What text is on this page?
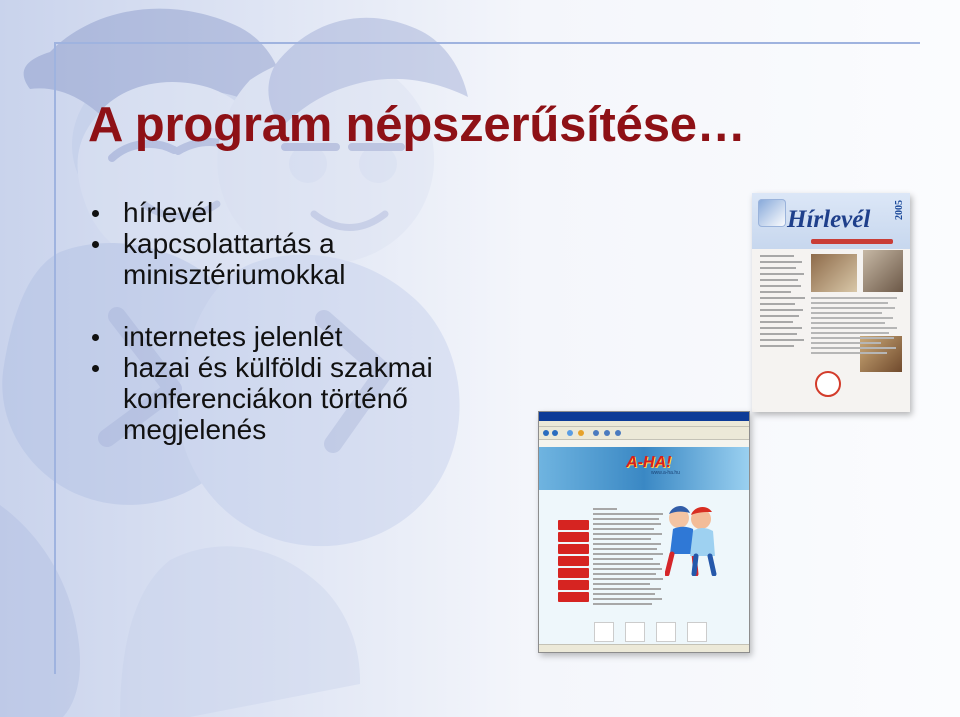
A program népszerűsítése…
hírlevél
kapcsolattartás a minisztériumokkal
internetes jelenlét
hazai és külföldi szakmai konferenciákon történő megjelenés
Hírlevél 2005
A-HA!
www.a-ha.hu
